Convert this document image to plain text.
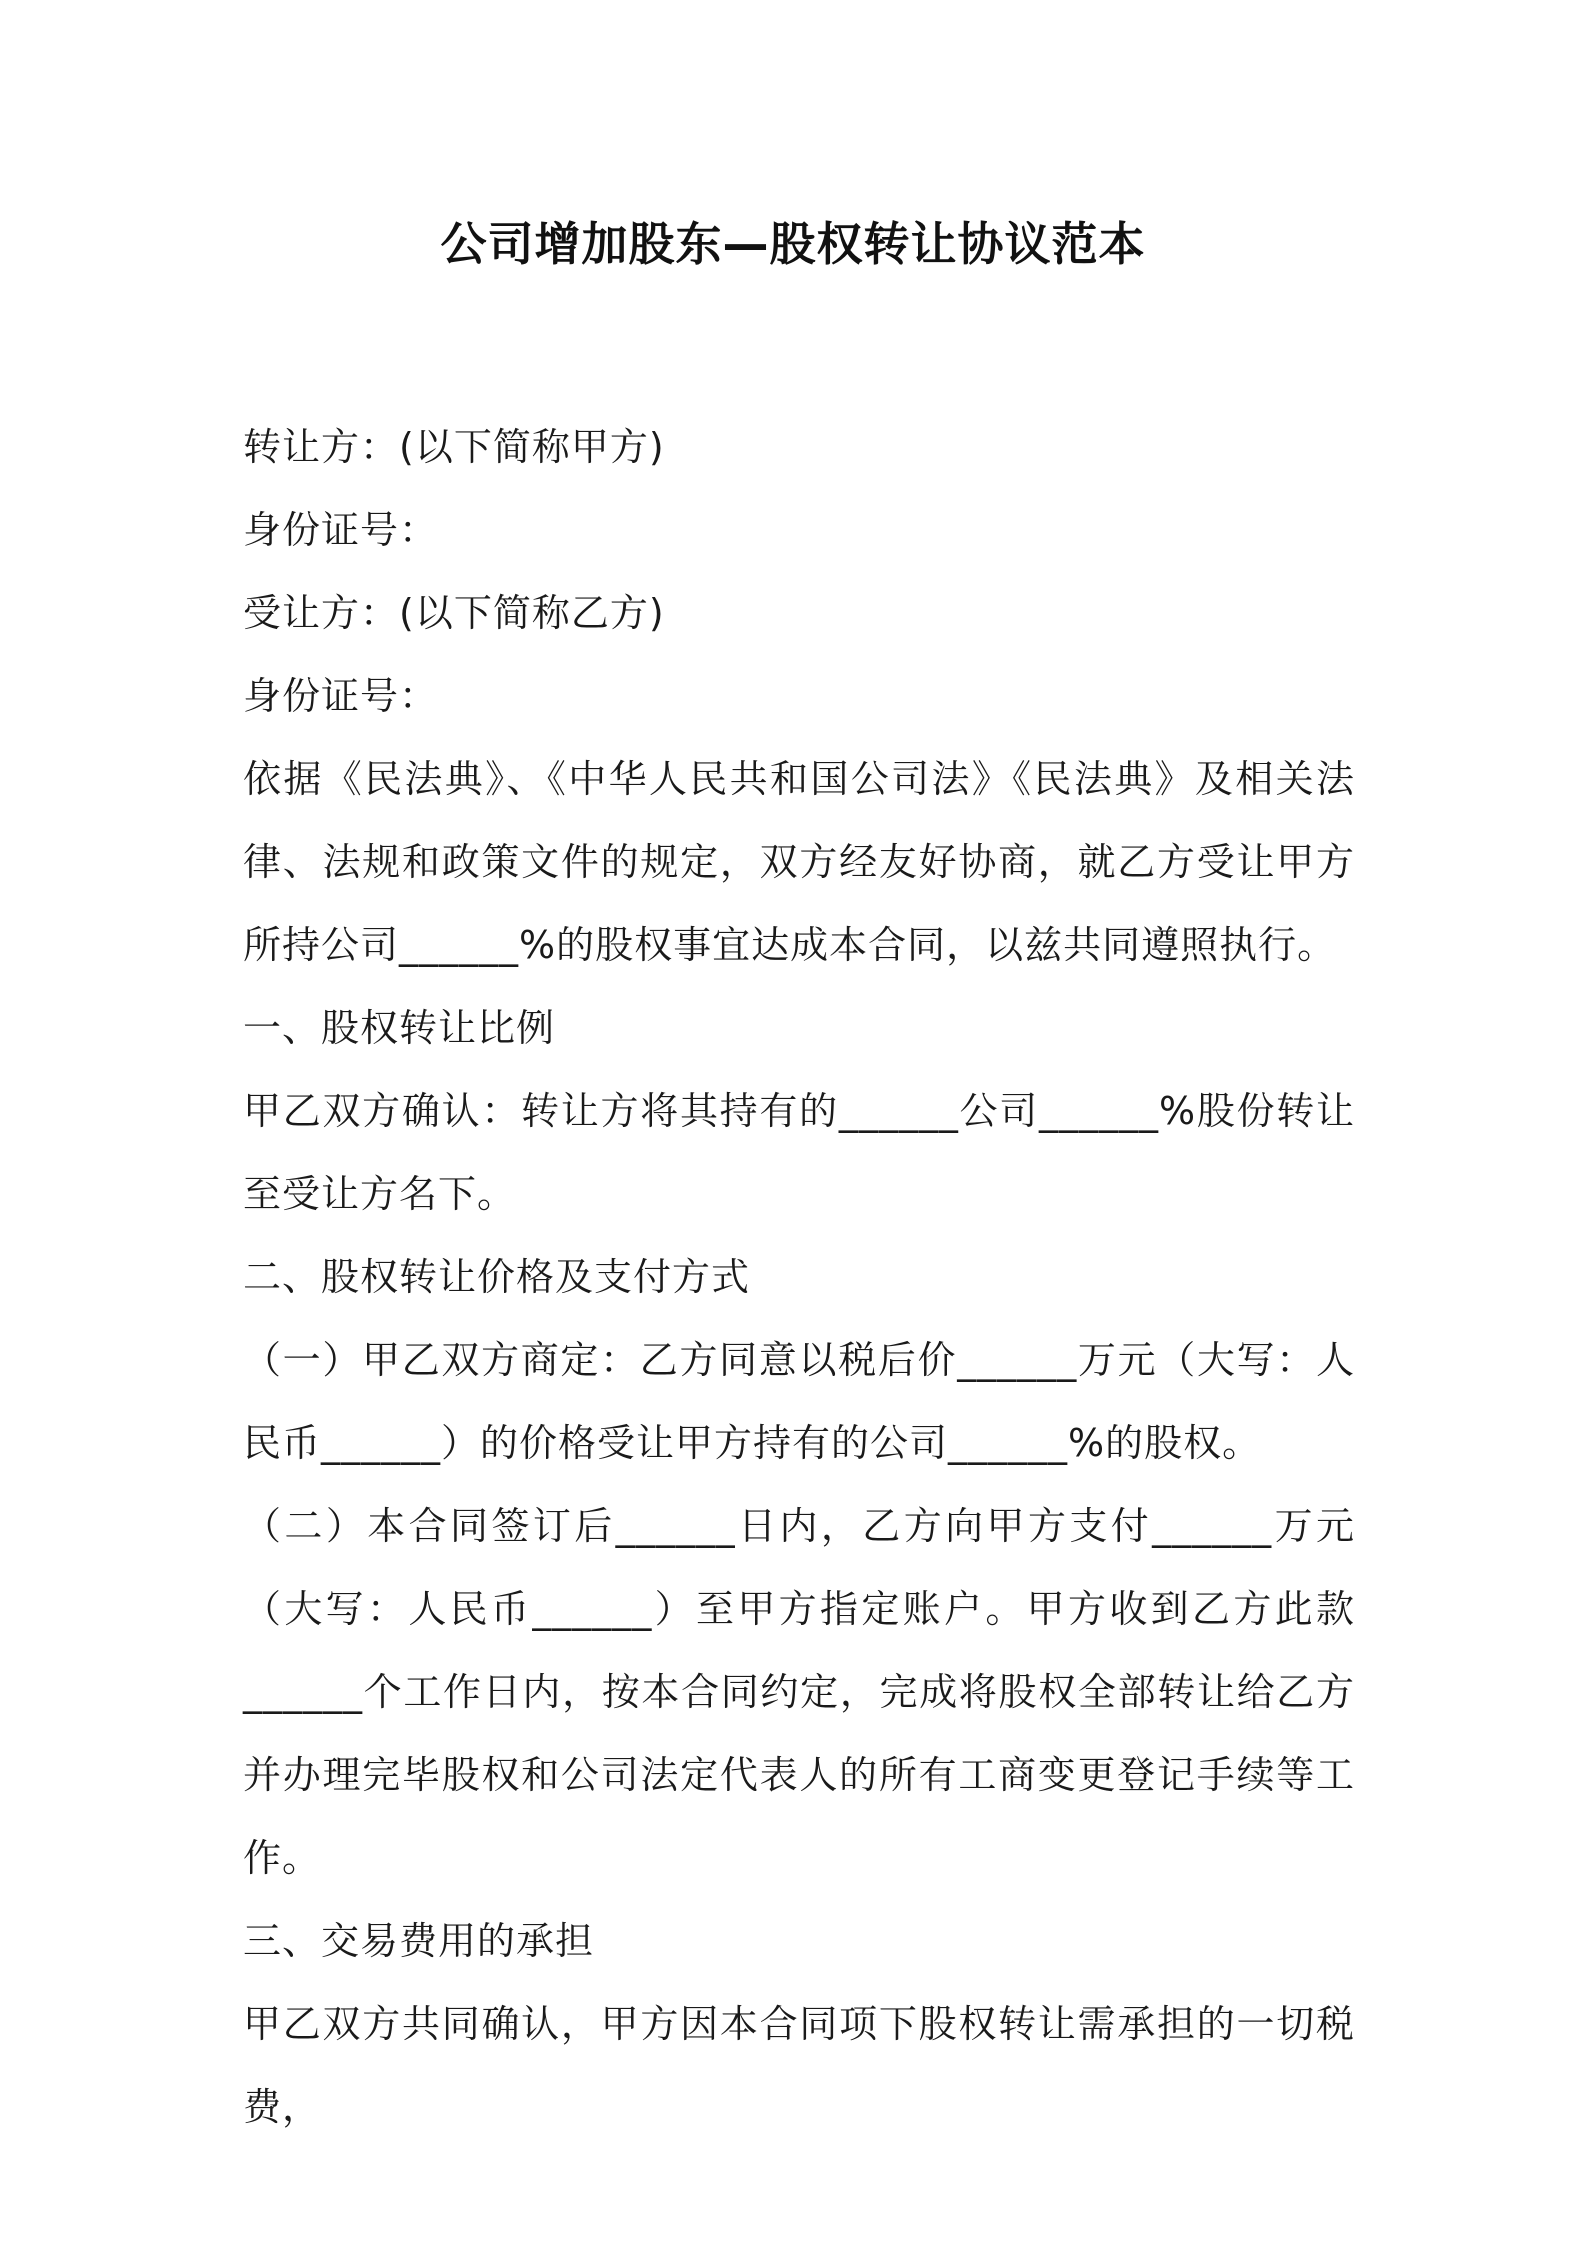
公司增加股东—股权转让协议范本

转让方：(以下简称甲方)

身份证号：

受让方：(以下简称乙方)

身份证号：

依据《民法典》、《中华人民共和国公司法》《民法典》及相关法律、法规和政策文件的规定，双方经友好协商，就乙方受让甲方所持公司______%的股权事宜达成本合同，以兹共同遵照执行。

一、股权转让比例

甲乙双方确认：转让方将其持有的______公司______%股份转让至受让方名下。

二、股权转让价格及支付方式

（一）甲乙双方商定：乙方同意以税后价______万元（大写：人民币______）的价格受让甲方持有的公司______%的股权。

（二）本合同签订后______日内，乙方向甲方支付______万元（大写：人民币______）至甲方指定账户。甲方收到乙方此款______个工作日内，按本合同约定，完成将股权全部转让给乙方并办理完毕股权和公司法定代表人的所有工商变更登记手续等工作。

三、交易费用的承担

甲乙双方共同确认，甲方因本合同项下股权转让需承担的一切税费，
